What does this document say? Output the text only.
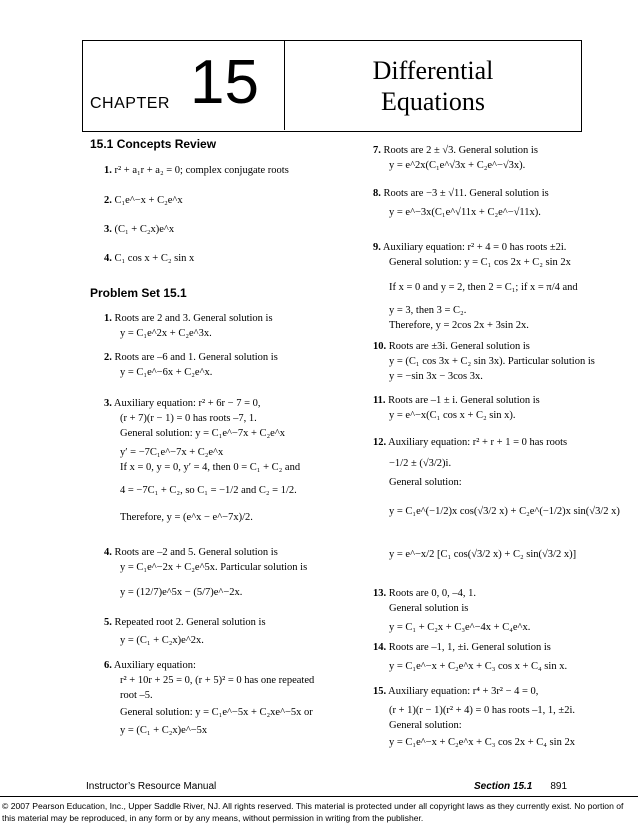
CHAPTER 15	Differential
Equations
15.1 Concepts Review
1. r² + a₁r + a₂ = 0; complex conjugate roots
2. C₁e^−x + C₂e^x
3. (C₁ + C₂x)e^x
4. C₁ cos x + C₂ sin x
Problem Set 15.1
1. Roots are 2 and 3. General solution is
y = C₁e^2x + C₂e^3x.
2. Roots are –6 and 1. General solution is
y = C₁e^−6x + C₂e^x.
3. Auxiliary equation: r² + 6r − 7 = 0,
(r + 7)(r − 1) = 0 has roots –7, 1.
General solution: y = C₁e^−7x + C₂e^x
y′ = −7C₁e^−7x + C₂e^x
If x = 0, y = 0, y′ = 4, then 0 = C₁ + C₂ and
4 = −7C₁ + C₂, so C₁ = −1/2 and C₂ = 1/2.
Therefore, y = (e^x − e^−7x)/2.
4. Roots are –2 and 5. General solution is
y = C₁e^−2x + C₂e^5x. Particular solution is
y = (12/7)e^5x − (5/7)e^−2x.
5. Repeated root 2. General solution is
y = (C₁ + C₂x)e^2x.
6. Auxiliary equation:
r² + 10r + 25 = 0, (r + 5)² = 0 has one repeated
root –5.
General solution: y = C₁e^−5x + C₂xe^−5x or
y = (C₁ + C₂x)e^−5x
7. Roots are 2 ± √3. General solution is
y = e^2x(C₁e^√3x + C₂e^−√3x).
8. Roots are −3 ± √11. General solution is
y = e^−3x(C₁e^√11x + C₂e^−√11x).
9. Auxiliary equation: r² + 4 = 0 has roots ±2i.
General solution: y = C₁ cos 2x + C₂ sin 2x
If x = 0 and y = 2, then 2 = C₁; if x = π/4 and
y = 3, then 3 = C₂.
Therefore, y = 2cos 2x + 3sin 2x.
10. Roots are ±3i. General solution is
y = (C₁ cos 3x + C₂ sin 3x). Particular solution is
y = −sin 3x − 3cos 3x.
11. Roots are –1 ± i. General solution is
y = e^−x(C₁ cos x + C₂ sin x).
12. Auxiliary equation: r² + r + 1 = 0 has roots
−1/2 ± (√3/2)i.
General solution:
y = C₁e^(−1/2)x cos(√3/2 x) + C₂e^(−1/2)x sin(√3/2 x)
y = e^−x/2 [C₁ cos(√3/2 x) + C₂ sin(√3/2 x)]
13. Roots are 0, 0, –4, 1.
General solution is
y = C₁ + C₂x + C₃e^−4x + C₄e^x.
14. Roots are –1, 1, ±i. General solution is
y = C₁e^−x + C₂e^x + C₃ cos x + C₄ sin x.
15. Auxiliary equation: r⁴ + 3r² − 4 = 0,
(r + 1)(r − 1)(r² + 4) = 0 has roots –1, 1, ±2i.
General solution:
y = C₁e^−x + C₂e^x + C₃ cos 2x + C₄ sin 2x
Instructor’s Resource Manual	Section 15.1 891
© 2007 Pearson Education, Inc., Upper Saddle River, NJ. All rights reserved. This material is protected under all copyright laws as they currently exist. No portion of this material may be reproduced, in any form or by any means, without permission in writing from the publisher.
